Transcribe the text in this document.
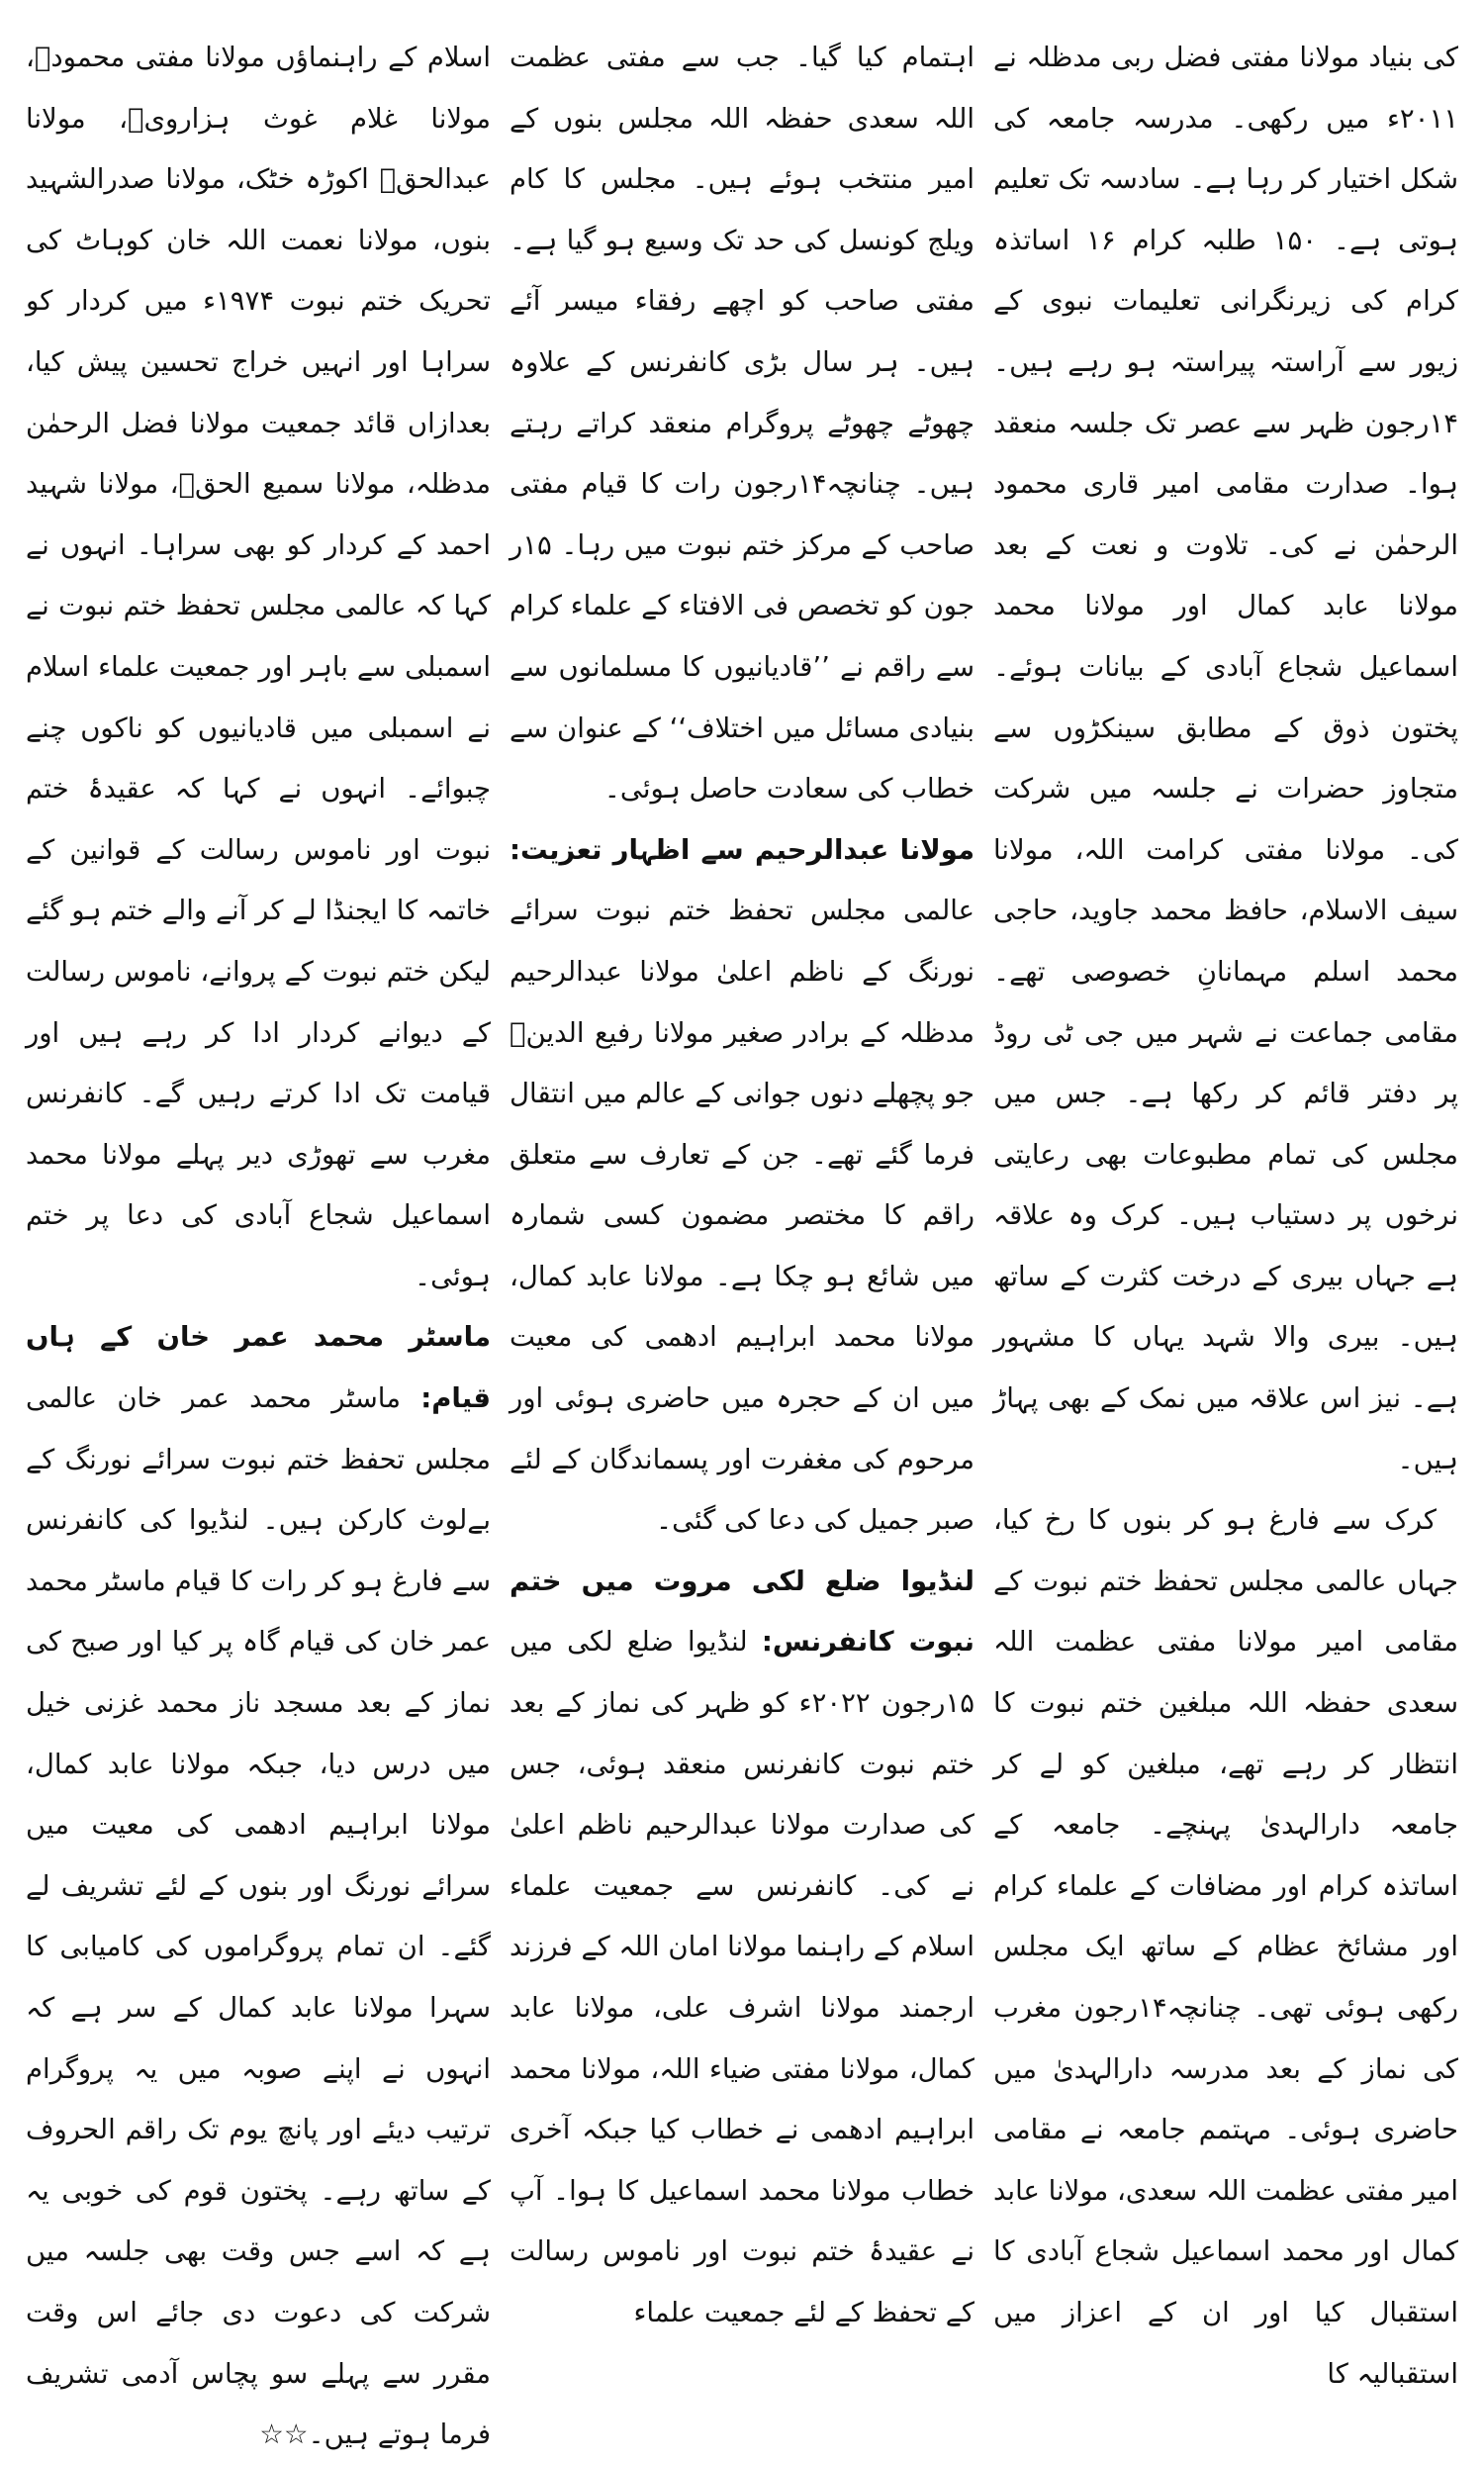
کی بنیاد مولانا مفتی فضل ربی مدظلہ نے ۲۰۱۱ء میں رکھی۔ مدرسہ جامعہ کی شکل اختیار کر رہا ہے۔ سادسہ تک تعلیم ہوتی ہے۔ ۱۵۰ طلبہ کرام ۱۶ اساتذہ کرام کی زیرنگرانی تعلیمات نبوی کے زیور سے آراستہ پیراستہ ہو رہے ہیں۔۱۴رجون ظہر سے عصر تک جلسہ منعقد ہوا۔ صدارت مقامی امیر قاری محمود الرحمٰن نے کی۔ تلاوت و نعت کے بعد مولانا عابد کمال اور مولانا محمد اسماعیل شجاع آبادی کے بیانات ہوئے۔ پختون ذوق کے مطابق سینکڑوں سے متجاوز حضرات نے جلسہ میں شرکت کی۔ مولانا مفتی کرامت اللہ، مولانا سیف الاسلام، حافظ محمد جاوید، حاجی محمد اسلم مہمانانِ خصوصی تھے۔ مقامی جماعت نے شہر میں جی ٹی روڈ پر دفتر قائم کر رکھا ہے۔ جس میں مجلس کی تمام مطبوعات بھی رعایتی نرخوں پر دستیاب ہیں۔ کرک وہ علاقہ ہے جہاں بیری کے درخت کثرت کے ساتھ ہیں۔ بیری والا شہد یہاں کا مشہور ہے۔ نیز اس علاقہ میں نمک کے بھی پہاڑ ہیں۔

کرک سے فارغ ہو کر بنوں کا رخ کیا، جہاں عالمی مجلس تحفظ ختم نبوت کے مقامی امیر مولانا مفتی عظمت اللہ سعدی حفظہ اللہ مبلغین ختم نبوت کا انتظار کر رہے تھے، مبلغین کو لے کر جامعہ دارالہدیٰ پہنچے۔ جامعہ کے اساتذہ کرام اور مضافات کے علماء کرام اور مشائخ عظام کے ساتھ ایک مجلس رکھی ہوئی تھی۔ چنانچہ۱۴رجون مغرب کی نماز کے بعد مدرسہ دارالہدیٰ میں حاضری ہوئی۔ مہتمم جامعہ نے مقامی امیر مفتی عظمت اللہ سعدی، مولانا عابد کمال اور محمد اسماعیل شجاع آبادی کا استقبال کیا اور ان کے اعزاز میں استقبالیہ کا

اہتمام کیا گیا۔ جب سے مفتی عظمت اللہ سعدی حفظہ اللہ مجلس بنوں کے امیر منتخب ہوئے ہیں۔ مجلس کا کام ویلج کونسل کی حد تک وسیع ہو گیا ہے۔ مفتی صاحب کو اچھے رفقاء میسر آئے ہیں۔ ہر سال بڑی کانفرنس کے علاوہ چھوٹے چھوٹے پروگرام منعقد کراتے رہتے ہیں۔ چنانچہ۱۴رجون رات کا قیام مفتی صاحب کے مرکز ختم نبوت میں رہا۔ ۱۵ر جون کو تخصص فی الافتاء کے علماء کرام سے راقم نے ’’قادیانیوں کا مسلمانوں سے بنیادی مسائل میں اختلاف‘‘ کے عنوان سے خطاب کی سعادت حاصل ہوئی۔

مولانا عبدالرحیم سے اظہار تعزیت: عالمی مجلس تحفظ ختم نبوت سرائے نورنگ کے ناظم اعلیٰ مولانا عبدالرحیم مدظلہ کے برادر صغیر مولانا رفیع الدینؒ جو پچھلے دنوں جوانی کے عالم میں انتقال فرما گئے تھے۔ جن کے تعارف سے متعلق راقم کا مختصر مضمون کسی شمارہ میں شائع ہو چکا ہے۔ مولانا عابد کمال، مولانا محمد ابراہیم ادھمی کی معیت میں ان کے حجرہ میں حاضری ہوئی اور مرحوم کی مغفرت اور پسماندگان کے لئے صبر جمیل کی دعا کی گئی۔

لنڈیوا ضلع لکی مروت میں ختم نبوت کانفرنس: لنڈیوا ضلع لکی میں ۱۵رجون ۲۰۲۲ء کو ظہر کی نماز کے بعد ختم نبوت کانفرنس منعقد ہوئی، جس کی صدارت مولانا عبدالرحیم ناظم اعلیٰ نے کی۔ کانفرنس سے جمعیت علماء اسلام کے راہنما مولانا امان اللہ کے فرزند ارجمند مولانا اشرف علی، مولانا عابد کمال، مولانا مفتی ضیاء اللہ، مولانا محمد ابراہیم ادھمی نے خطاب کیا جبکہ آخری خطاب مولانا محمد اسماعیل کا ہوا۔ آپ نے عقیدۂ ختم نبوت اور ناموس رسالت کے تحفظ کے لئے جمعیت علماء

اسلام کے راہنماؤں مولانا مفتی محمودؒ، مولانا غلام غوث ہزارویؒ، مولانا عبدالحقؒ اکوڑہ خٹک، مولانا صدرالشہید بنوں، مولانا نعمت اللہ خان کوہاٹ کی تحریک ختم نبوت ۱۹۷۴ء میں کردار کو سراہا اور انہیں خراج تحسین پیش کیا، بعدازاں قائد جمعیت مولانا فضل الرحمٰن مدظلہ، مولانا سمیع الحقؒ، مولانا شہید احمد کے کردار کو بھی سراہا۔ انہوں نے کہا کہ عالمی مجلس تحفظ ختم نبوت نے اسمبلی سے باہر اور جمعیت علماء اسلام نے اسمبلی میں قادیانیوں کو ناکوں چنے چبوائے۔ انہوں نے کہا کہ عقیدۂ ختم نبوت اور ناموس رسالت کے قوانین کے خاتمہ کا ایجنڈا لے کر آنے والے ختم ہو گئے لیکن ختم نبوت کے پروانے، ناموس رسالت کے دیوانے کردار ادا کر رہے ہیں اور قیامت تک ادا کرتے رہیں گے۔ کانفرنس مغرب سے تھوڑی دیر پہلے مولانا محمد اسماعیل شجاع آبادی کی دعا پر ختم ہوئی۔

ماسٹر محمد عمر خان کے ہاں قیام: ماسٹر محمد عمر خان عالمی مجلس تحفظ ختم نبوت سرائے نورنگ کے بےلوث کارکن ہیں۔ لنڈیوا کی کانفرنس سے فارغ ہو کر رات کا قیام ماسٹر محمد عمر خان کی قیام گاہ پر کیا اور صبح کی نماز کے بعد مسجد ناز محمد غزنی خیل میں درس دیا، جبکہ مولانا عابد کمال، مولانا ابراہیم ادھمی کی معیت میں سرائے نورنگ اور بنوں کے لئے تشریف لے گئے۔ ان تمام پروگراموں کی کامیابی کا سہرا مولانا عابد کمال کے سر ہے کہ انہوں نے اپنے صوبہ میں یہ پروگرام ترتیب دیئے اور پانچ یوم تک راقم الحروف کے ساتھ رہے۔ پختون قوم کی خوبی یہ ہے کہ اسے جس وقت بھی جلسہ میں شرکت کی دعوت دی جائے اس وقت مقرر سے پہلے سو پچاس آدمی تشریف فرما ہوتے ہیں۔☆☆
